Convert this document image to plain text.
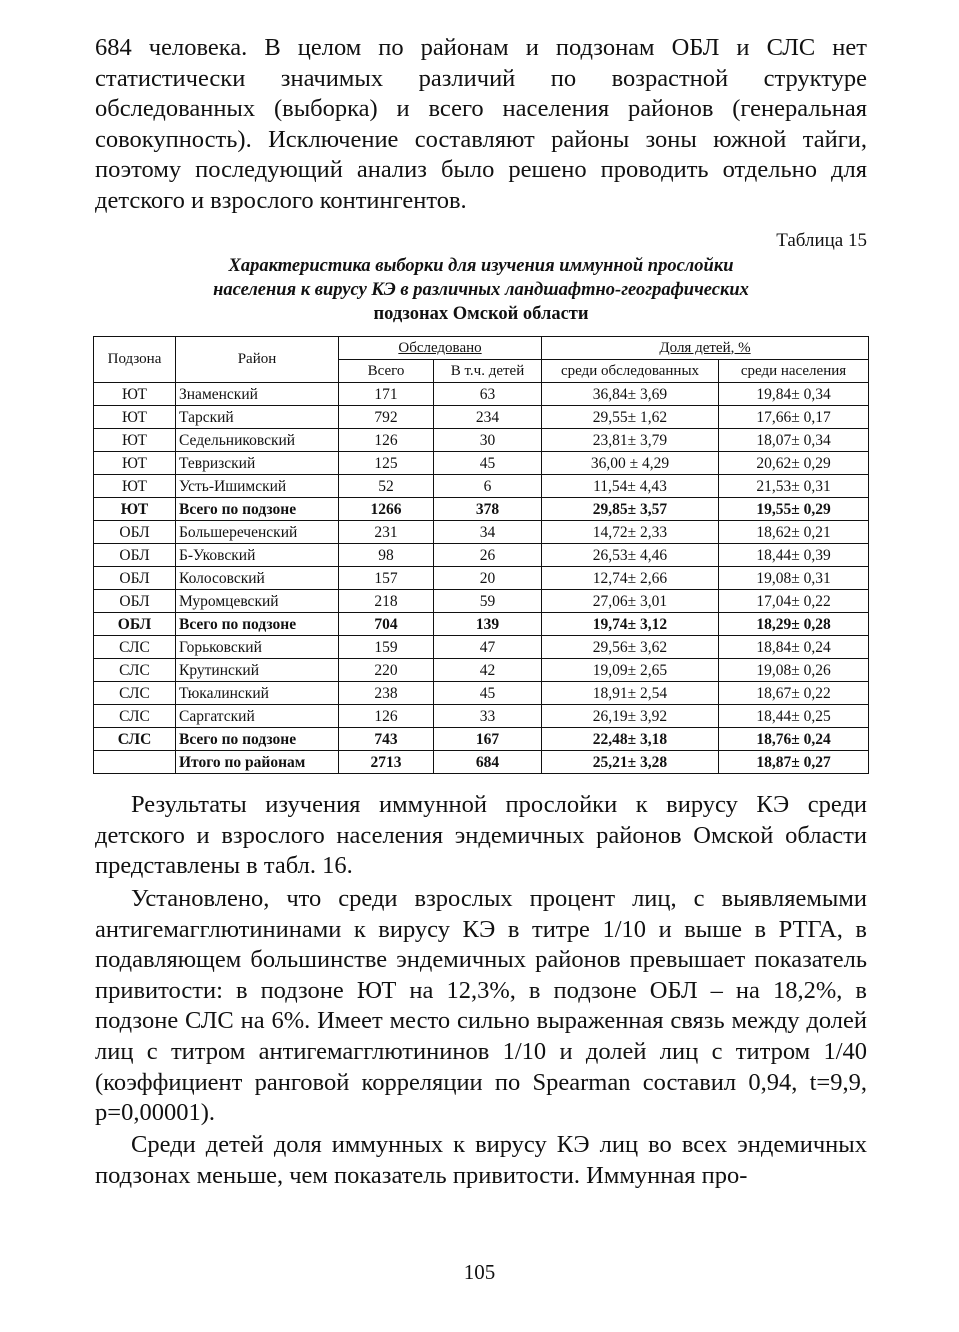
684 человека. В целом по районам и подзонам ОБЛ и СЛС нет статистически значимых различий по возрастной структуре обследованных (выборка) и всего населения районов (генеральная совокупность). Исключение составляют районы зоны южной тайги, поэтому последующий анализ было решено проводить отдельно для детского и взрослого контингентов.

Таблица 15
Характеристика выборки для изучения иммунной прослойки
населения к вирусу КЭ в различных ландшафтно-географических
подзонах Омской области
Подзона	Район	Обследовано		Доля детей, %	
		Всего	В т.ч. детей	среди обследованных	среди населения
ЮТ	Знаменский	171	63	36,84± 3,69	19,84± 0,34
ЮТ	Тарский	792	234	29,55± 1,62	17,66± 0,17
ЮТ	Седельниковский	126	30	23,81± 3,79	18,07± 0,34
ЮТ	Тевризский	125	45	36,00 ± 4,29	20,62± 0,29
ЮТ	Усть-Ишимский	52	6	11,54± 4,43	21,53± 0,31
ЮТ	Всего по подзоне	1266	378	29,85± 3,57	19,55± 0,29
ОБЛ	Большереченский	231	34	14,72± 2,33	18,62± 0,21
ОБЛ	Б-Уковский	98	26	26,53± 4,46	18,44± 0,39
ОБЛ	Колосовский	157	20	12,74± 2,66	19,08± 0,31
ОБЛ	Муромцевский	218	59	27,06± 3,01	17,04± 0,22
ОБЛ	Всего по подзоне	704	139	19,74± 3,12	18,29± 0,28
СЛС	Горьковский	159	47	29,56± 3,62	18,84± 0,24
СЛС	Крутинский	220	42	19,09± 2,65	19,08± 0,26
СЛС	Тюкалинский	238	45	18,91± 2,54	18,67± 0,22
СЛС	Саргатский	126	33	26,19± 3,92	18,44± 0,25
СЛС	Всего по подзоне	743	167	22,48± 3,18	18,76± 0,24
	Итого по районам	2713	684	25,21± 3,28	18,87± 0,27

Результаты изучения иммунной прослойки к вирусу КЭ среди детского и взрослого населения эндемичных районов Омской области представлены в табл. 16.

Установлено, что среди взрослых процент лиц, с выявляемыми антигемагглютининами к вирусу КЭ в титре 1/10 и выше в РТГА, в подавляющем большинстве эндемичных районов превышает показатель привитости: в подзоне ЮТ на 12,3%, в подзоне ОБЛ – на 18,2%, в подзоне СЛС на 6%. Имеет место сильно выраженная связь между долей лиц с титром антигемагглютининов 1/10 и долей лиц с титром 1/40 (коэффициент ранговой корреляции по Spearman составил 0,94, t=9,9, p=0,00001).

Среди детей доля иммунных к вирусу КЭ лиц во всех эндемичных подзонах меньше, чем показатель привитости. Иммунная про-

105
